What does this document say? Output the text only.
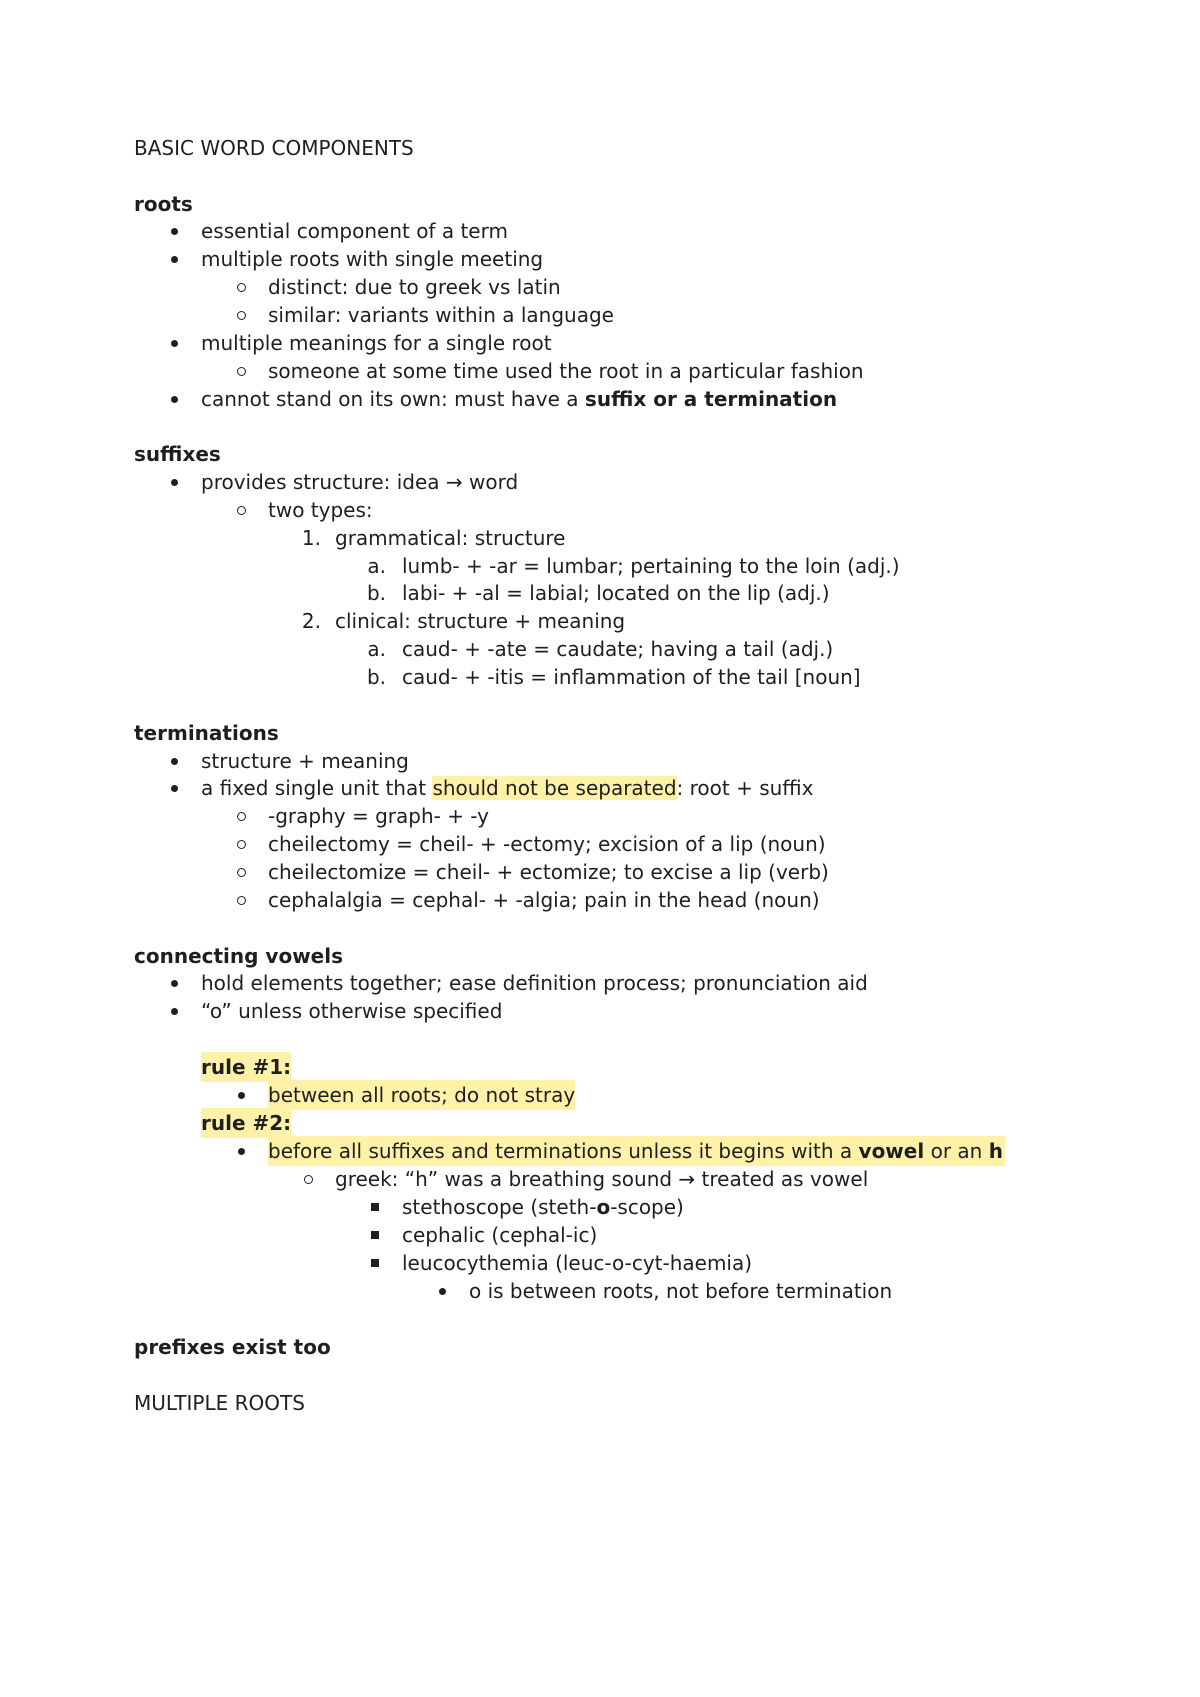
BASIC WORD COMPONENTS
roots
essential component of a term
multiple roots with single meeting
distinct: due to greek vs latin
similar: variants within a language
multiple meanings for a single root
someone at some time used the root in a particular fashion
cannot stand on its own: must have a suffix or a termination
suffixes
provides structure: idea → word
two types:
1. grammatical: structure
a. lumb- + -ar = lumbar; pertaining to the loin (adj.)
b. labi- + -al = labial; located on the lip (adj.)
2. clinical: structure + meaning
a. caud- + -ate = caudate; having a tail (adj.)
b. caud- + -itis = inflammation of the tail [noun]
terminations
structure + meaning
a fixed single unit that should not be separated: root + suffix
-graphy = graph- + -y
cheilectomy = cheil- + -ectomy; excision of a lip (noun)
cheilectomize = cheil- + ectomize; to excise a lip (verb)
cephalalgia = cephal- + -algia; pain in the head (noun)
connecting vowels
hold elements together; ease definition process; pronunciation aid
“o” unless otherwise specified
rule #1:
between all roots; do not stray
rule #2:
before all suffixes and terminations unless it begins with a vowel or an h
greek: “h” was a breathing sound → treated as vowel
stethoscope (steth-o-scope)
cephalic (cephal-ic)
leucocythemia (leuc-o-cyt-haemia)
o is between roots, not before termination
prefixes exist too
MULTIPLE ROOTS
